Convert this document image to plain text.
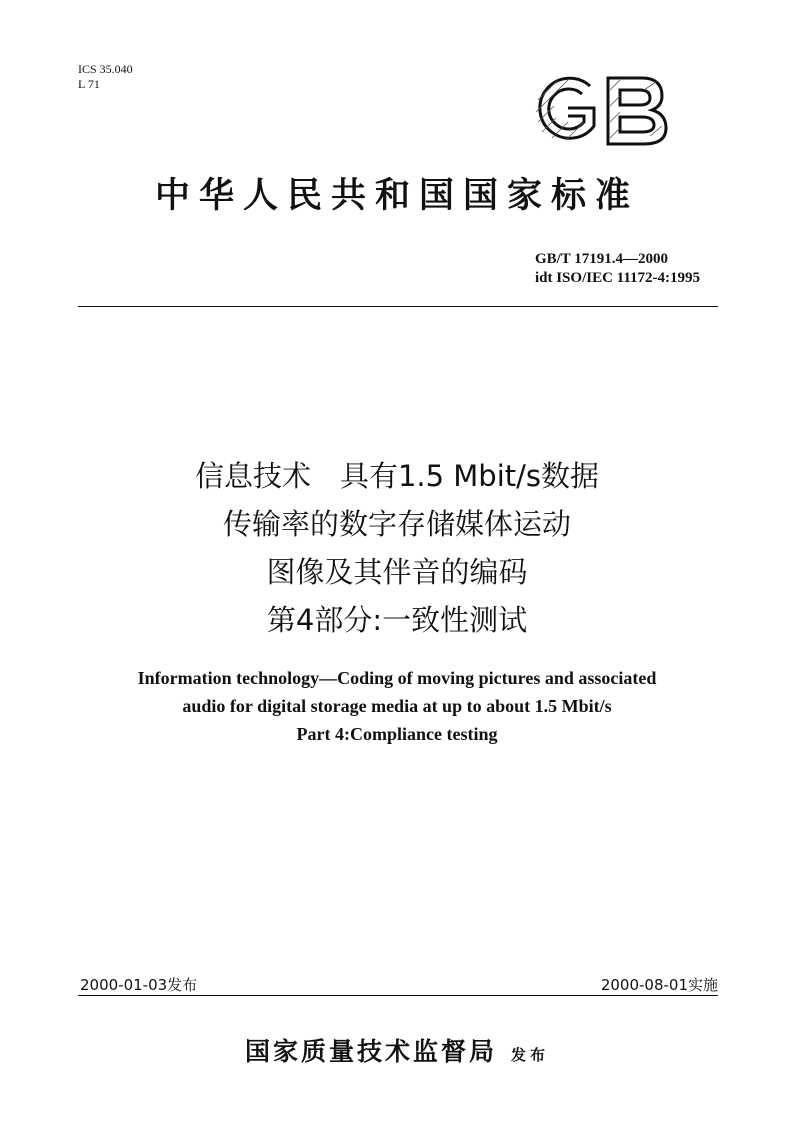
ICS 35.040
L 71
中华人民共和国国家标准
GB/T 17191.4—2000
idt ISO/IEC 11172-4:1995
信息技术　具有1.5 Mbit/s数据
传输率的数字存储媒体运动
图像及其伴音的编码
第4部分:一致性测试
Information technology—Coding of moving pictures and associated
audio for digital storage media at up to about 1.5 Mbit/s
Part 4:Compliance testing
2000-01-03发布	2000-08-01实施
国家质量技术监督局 发布
